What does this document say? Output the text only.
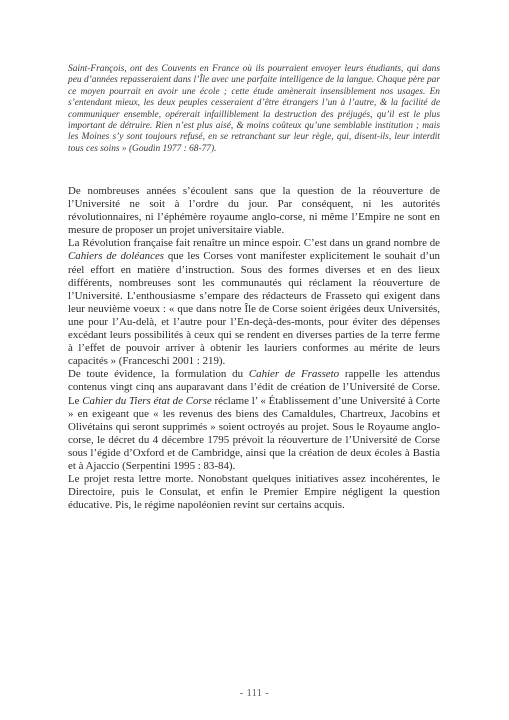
Saint-François, ont des Couvents en France où ils pourraient envoyer leurs étudiants, qui dans peu d’années repasseraient dans l’Île avec une parfaite intelligence de la langue. Chaque père par ce moyen pourrait en avoir une école ; cette étude amènerait insensiblement nos usages. En s’entendant mieux, les deux peuples cesseraient d’être étrangers l’un à l’autre, & la facilité de communiquer ensemble, opérerait infailliblement la destruction des préjugés, qu’il est le plus important de détruire. Rien n’est plus aisé, & moins coûteux qu’une semblable institution ; mais les Moines s’y sont toujours refusé, en se retranchant sur leur règle, qui, disent-ils, leur interdit tous ces soins » (Goudin 1977 : 68-77).

De nombreuses années s’écoulent sans que la question de la réouverture de l’Université ne soit à l’ordre du jour. Par conséquent, ni les autorités révolutionnaires, ni l’éphémère royaume anglo-corse, ni même l’Empire ne sont en mesure de proposer un projet universitaire viable.

La Révolution française fait renaître un mince espoir. C’est dans un grand nombre de Cahiers de doléances que les Corses vont manifester explicitement le souhait d’un réel effort en matière d’instruction. Sous des formes diverses et en des lieux différents, nombreuses sont les communautés qui réclament la réouverture de l’Université. L’enthousiasme s’empare des rédacteurs de Frasseto qui exigent dans leur neuvième voeux : « que dans notre Île de Corse soient érigées deux Universités, une pour l’Au-delà, et l’autre pour l’En-deçà-des-monts, pour éviter des dépenses excédant leurs possibilités à ceux qui se rendent en diverses parties de la terre ferme à l’effet de pouvoir arriver à obtenir les lauriers conformes au mérite de leurs capacités » (Franceschi 2001 : 219).

De toute évidence, la formulation du Cahier de Frasseto rappelle les attendus contenus vingt cinq ans auparavant dans l’édit de création de l’Université de Corse. Le Cahier du Tiers état de Corse réclame l’ « Établissement d’une Université à Corte » en exigeant que « les revenus des biens des Camaldules, Chartreux, Jacobins et Olivétains qui seront supprimés » soient octroyés au projet. Sous le Royaume anglo-corse, le décret du 4 décembre 1795 prévoit la réouverture de l’Université de Corse sous l’égide d’Oxford et de Cambridge, ainsi que la création de deux écoles à Bastia et à Ajaccio (Serpentini 1995 : 83-84).

Le projet resta lettre morte. Nonobstant quelques initiatives assez incohérentes, le Directoire, puis le Consulat, et enfin le Premier Empire négligent la question éducative. Pis, le régime napoléonien revint sur certains acquis.

- 111 -
